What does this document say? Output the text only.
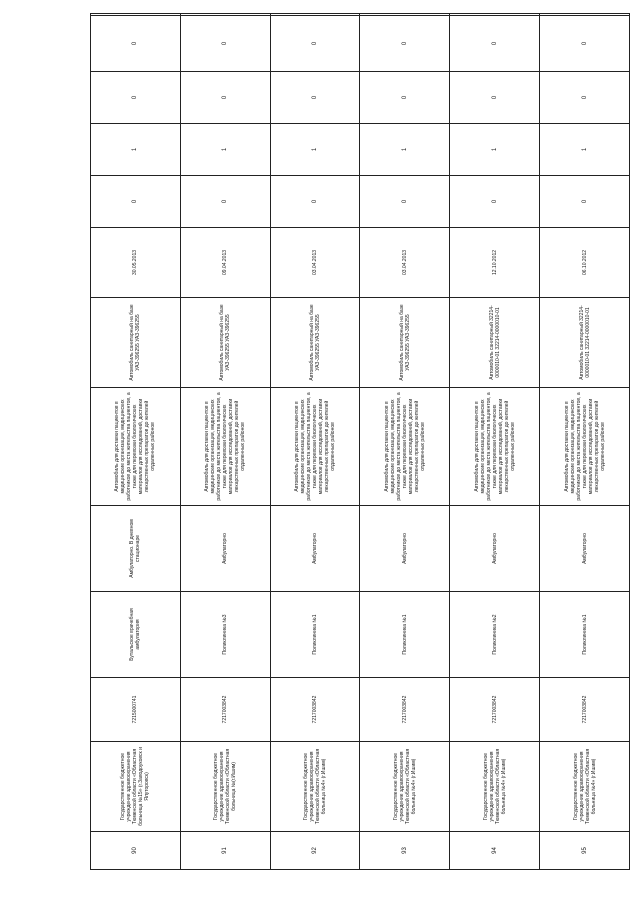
90	Государственное бюджетное учреждение здравоохранения Тюменской области «Областная больница №15» (г.Заводоуковск и Ялуторовск)	7215000741	Бутальское врачебная амбулатория	Амбулаторно. В дневном стационаре	Автомобиль для доставки пациентов в медицинские организации, медицинских работников до места жительства пациентов, а также для перевозки биологических материалов для исследований, доставки лекарственных препаратов до жителей отдаленных районов	Автомобиль санитарный на базе УАЗ-396255 УАЗ-396255	30.05.2013	0	1	0	0	
91	Государственное бюджетное учреждение здравоохранения Тюменской области «Областная больница №(г.Ишим)	7217003842	Поликлиника №3	Амбулаторно	Автомобиль для доставки пациентов в медицинские организации, медицинских работников до места жительства пациентов, а также для перевозки биологических материалов для исследований, доставки лекарственных препаратов до жителей отдаленных районов	Автомобиль санитарный на базе УАЗ-396255 УАЗ-396255	09.04.2013	0	1	0	0	
92	Государственное бюджетное учреждение здравоохранения Тюменской области «Областная больница №4» (г.Ишим)	7217003842	Поликлиника №1	Амбулаторно	Автомобиль для доставки пациентов в медицинские организации, медицинских работников до места жительства пациентов, а также для перевозки биологических материалов для исследований, доставки лекарственных препаратов до жителей отдаленных районов	Автомобиль санитарный на базе УАЗ-396255 УАЗ-396255	03.04.2013	0	1	0	0	
93	Государственное бюджетное учреждение здравоохранения Тюменской области «Областная больница №4» (г.Ишим)	7217003842	Поликлиника №1	Амбулаторно	Автомобиль для доставки пациентов в медицинские организации, медицинских работников до места жительства пациентов, а также для перевозки биологических материалов для исследований, доставки лекарственных препаратов до жителей отдаленных районов	Автомобиль санитарный на базе УАЗ-396255 УАЗ-396255	03.04.2013	0	1	0	0	
94	Государственное бюджетное учреждение здравоохранения Тюменской области «Областная больница №4» (г.Ишим)	7217003842	Поликлиника №2	Амбулаторно	Автомобиль для доставки пациентов в медицинские организации, медицинских работников до места жительства пациентов, а также для перевозки биологических материалов для исследований, доставки лекарственных препаратов до жителей отдаленных районов	Автомобиль санитарный 32214-0000010-01 32214-0000010-01	12.10.2012	0	1	0	0	
95	Государственное бюджетное учреждение здравоохранения Тюменской области «Областная больница №4» (г.Ишим)	7217003842	Поликлиника №1	Амбулаторно	Автомобиль для доставки пациентов в медицинские организации, медицинских работников до места жительства пациентов, а также для перевозки биологических материалов для исследований, доставки лекарственных препаратов до жителей отдаленных районов	Автомобиль санитарный 32214-0000010-01 32214-0000010-01	06.10.2012	0	1	0	0	
